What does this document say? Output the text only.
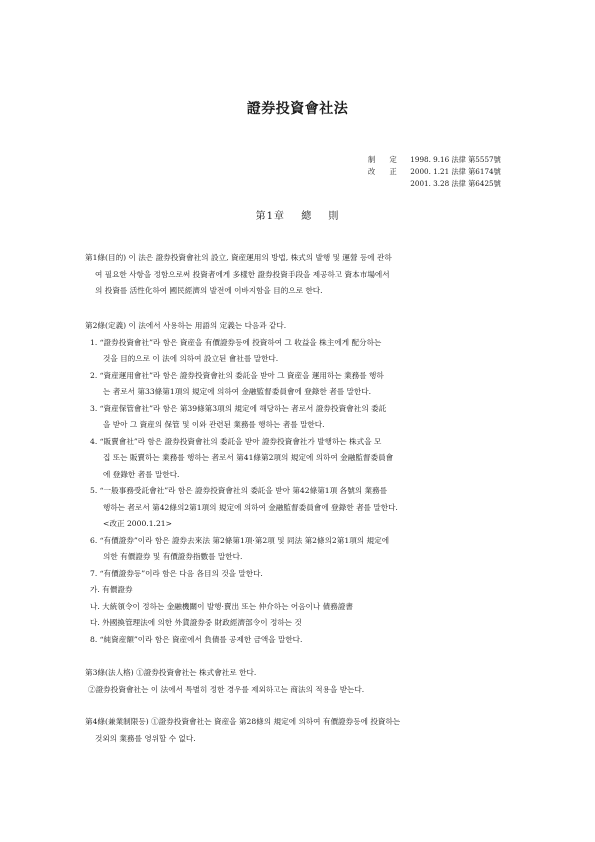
證券投資會社法
制 定 1998. 9.16 法律 第5557號
改 正 2000. 1.21 法律 第6174號
2001. 3.28 法律 第6425號
第1章 總 則
第1條(目的) 이 法은 證券投資會社의 設立, 資産運用의 방법, 株式의 발행 및 運營 등에 관하
여 필요한 사항을 정함으로써 投資者에게 多樣한 證券投資手段을 제공하고 資本市場에서
의 投資를 活性化하여 國民經濟의 발전에 이바지함을 目的으로 한다.
第2條(定義) 이 法에서 사용하는 用語의 定義는 다음과 같다.
1. “證券投資會社”라 함은 資産을 有價證券등에 投資하여 그 收益을 株主에게 配分하는
것을 目的으로 이 法에 의하여 設立된 會社를 말한다.
2. “資産運用會社”라 함은 證券投資會社의 委託을 받아 그 資産을 運用하는 業務를 행하
는 者로서 第33條第1項의 規定에 의하여 金融監督委員會에 登錄한 者를 말한다.
3. “資産保管會社”라 함은 第39條第3項의 規定에 해당하는 者로서 證券投資會社의 委託
을 받아 그 資産의 保管 및 이와 관련된 業務를 행하는 者를 말한다.
4. “販賣會社”라 함은 證券投資會社의 委託을 받아 證券投資會社가 발행하는 株式을 모
집 또는 販賣하는 業務를 행하는 者로서 第41條第2項의 規定에 의하여 金融監督委員會
에 登錄한 者를 말한다.
5. “一般事務受託會社”라 함은 證券投資會社의 委託을 받아 第42條第1項 各號의 業務를
행하는 者로서 第42條의2第1項의 規定에 의하여 金融監督委員會에 登錄한 者를 말한다.
<改正 2000.1.21>
6. “有價證券”이라 함은 證券去來法 第2條第1項·第2項 및 同法 第2條의2第1項의 規定에
의한 有價證券 및 有價證券指數를 말한다.
7. “有價證券등”이라 함은 다음 各目의 것을 말한다.
가. 有價證券
나. 大統領令이 정하는 金融機關이 발행·賣出 또는 仲介하는 어음이나 債務證書
다. 外國換管理法에 의한 外貨證券중 財政經濟部令이 정하는 것
8. “純資産額”이라 함은 資産에서 負債를 공제한 금액을 말한다.
第3條(法人格) ①證券投資會社는 株式會社로 한다.
②證券投資會社는 이 法에서 특별히 정한 경우를 제외하고는 商法의 적용을 받는다.
第4條(兼業制限등) ①證券投資會社는 資産을 第28條의 規定에 의하여 有價證券등에 投資하는
것외의 業務를 영위할 수 없다.
